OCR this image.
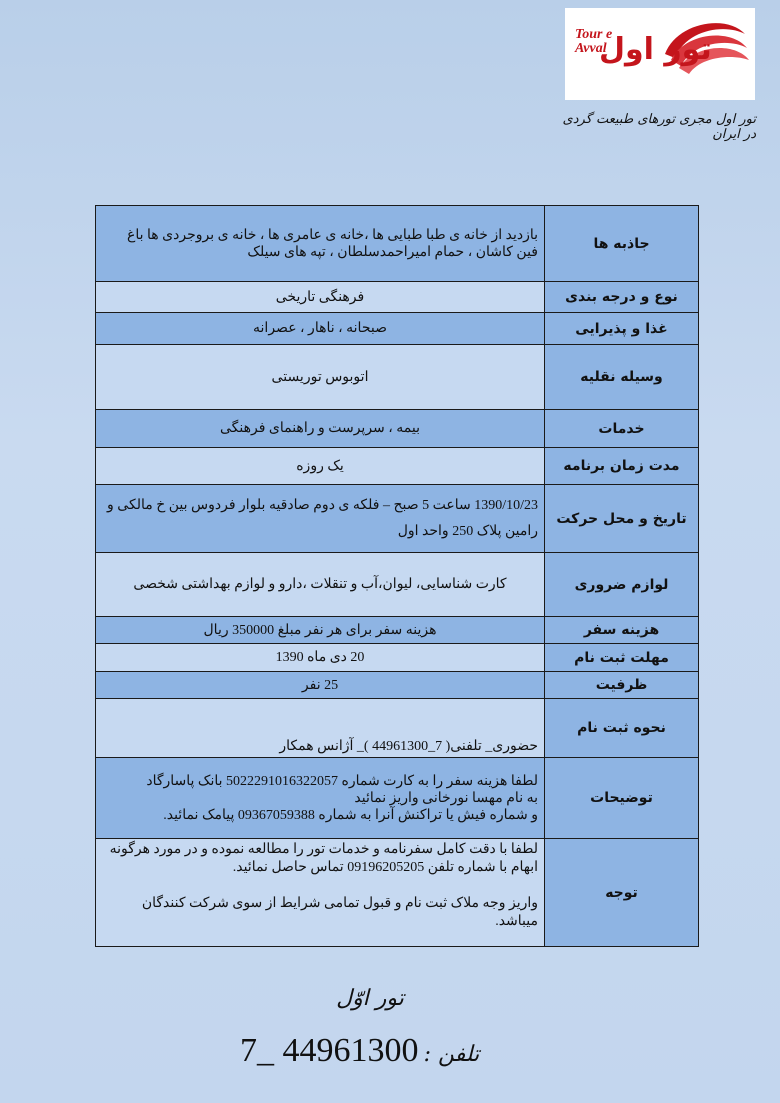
Tour e
Avval
تور اول
تور اول مجری تورهای طبیعت گردی در ایران
جاذبه ها	بازدید از خانه ی طبا طبایی ها ،خانه ی عامری ها ، خانه ی بروجردی ها باغ فین کاشان ، حمام امیراحمدسلطان ، تپه های سیلک
نوع و درجه بندی	فرهنگی تاریخی
غذا و پذیرایی	صبحانه ، ناهار ، عصرانه
وسیله نقلیه	اتوبوس توریستی
خدمات	بیمه ، سرپرست و راهنمای فرهنگی
مدت زمان برنامه	یک روزه
تاریخ و محل حرکت	1390/10/23 ساعت 5 صبح – فلکه ی دوم صادقیه بلوار فردوس بین خ مالکی و رامین پلاک 250 واحد اول
لوازم ضروری	کارت شناسایی، لیوان،آب و تنقلات ،دارو و لوازم بهداشتی شخصی
هزینه سفر	هزینه سفر برای هر نفر مبلغ 350000 ریال
مهلت ثبت نام	20 دی ماه 1390
ظرفیت	25 نفر
نحوه ثبت نام	حضوری_ تلفنی( 7_44961300 )_ آژانس همکار
توضیحات	لطفا هزینه سفر را به کارت شماره 5022291016322057 بانک پاسارگاد
به نام مهسا نورخانی واریز نمائید
و شماره فیش یا تراکنش آنرا به شماره 09367059388 پیامک نمائید.

توجه	لطفا با دقت کامل سفرنامه و خدمات تور را مطالعه نموده و در مورد هرگونه ابهام با شماره تلفن 09196205205 تماس حاصل نمائید.
واریز وجه ملاک ثبت نام و قبول تمامی شرایط از سوی شرکت کنندگان میباشد.
تور اوّل
تلفن : 7_ 44961300
